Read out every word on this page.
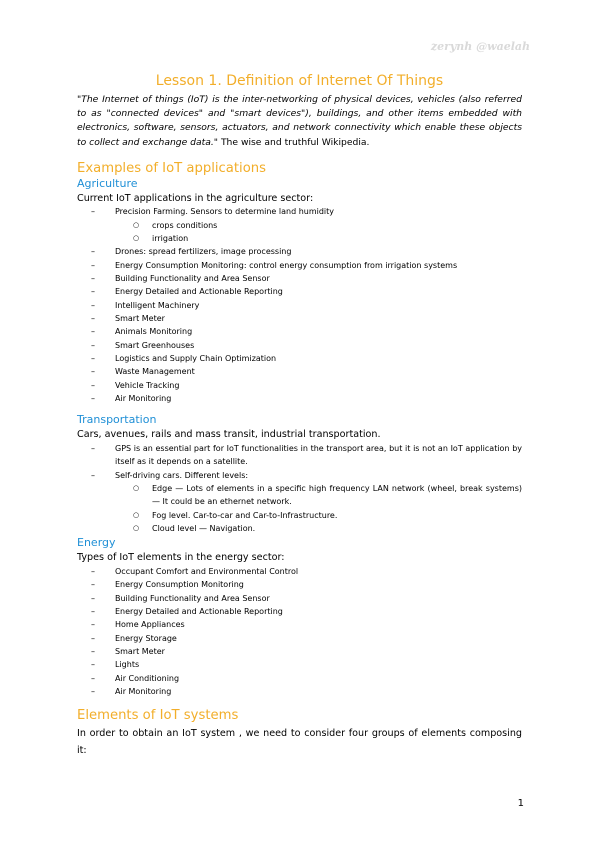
zerynh @waelah
Lesson 1. Definition of Internet Of Things

"The Internet of things (IoT) is the inter-networking of physical devices, vehicles (also referred to as "connected devices" and "smart devices"), buildings, and other items embedded with electronics, software, sensors, actuators, and network connectivity which enable these objects to collect and exchange data." The wise and truthful Wikipedia.

Examples of IoT applications
Agriculture

Current IoT applications in the agriculture sector:

– Precision Farming. Sensors to determine land humidity
○ crops conditions
○ irrigation
– Drones: spread fertilizers, image processing
– Energy Consumption Monitoring: control energy consumption from irrigation systems
– Building Functionality and Area Sensor
– Energy Detailed and Actionable Reporting
– Intelligent Machinery
– Smart Meter
– Animals Monitoring
– Smart Greenhouses
– Logistics and Supply Chain Optimization
– Waste Management
– Vehicle Tracking
– Air Monitoring
Transportation

Cars, avenues, rails and mass transit, industrial transportation.

– GPS is an essential part for IoT functionalities in the transport area, but it is not an IoT application by itself as it depends on a satellite.
– Self-driving cars. Different levels:
○ Edge — Lots of elements in a specific high frequency LAN network (wheel, break systems) — It could be an ethernet network.
○ Fog level. Car-to-car and Car-to-Infrastructure.
○ Cloud level — Navigation.
Energy

Types of IoT elements in the energy sector:

– Occupant Comfort and Environmental Control
– Energy Consumption Monitoring
– Building Functionality and Area Sensor
– Energy Detailed and Actionable Reporting
– Home Appliances
– Energy Storage
– Smart Meter
– Lights
– Air Conditioning
– Air Monitoring
Elements of IoT systems

In order to obtain an IoT system , we need to consider four groups of elements composing it:

1
